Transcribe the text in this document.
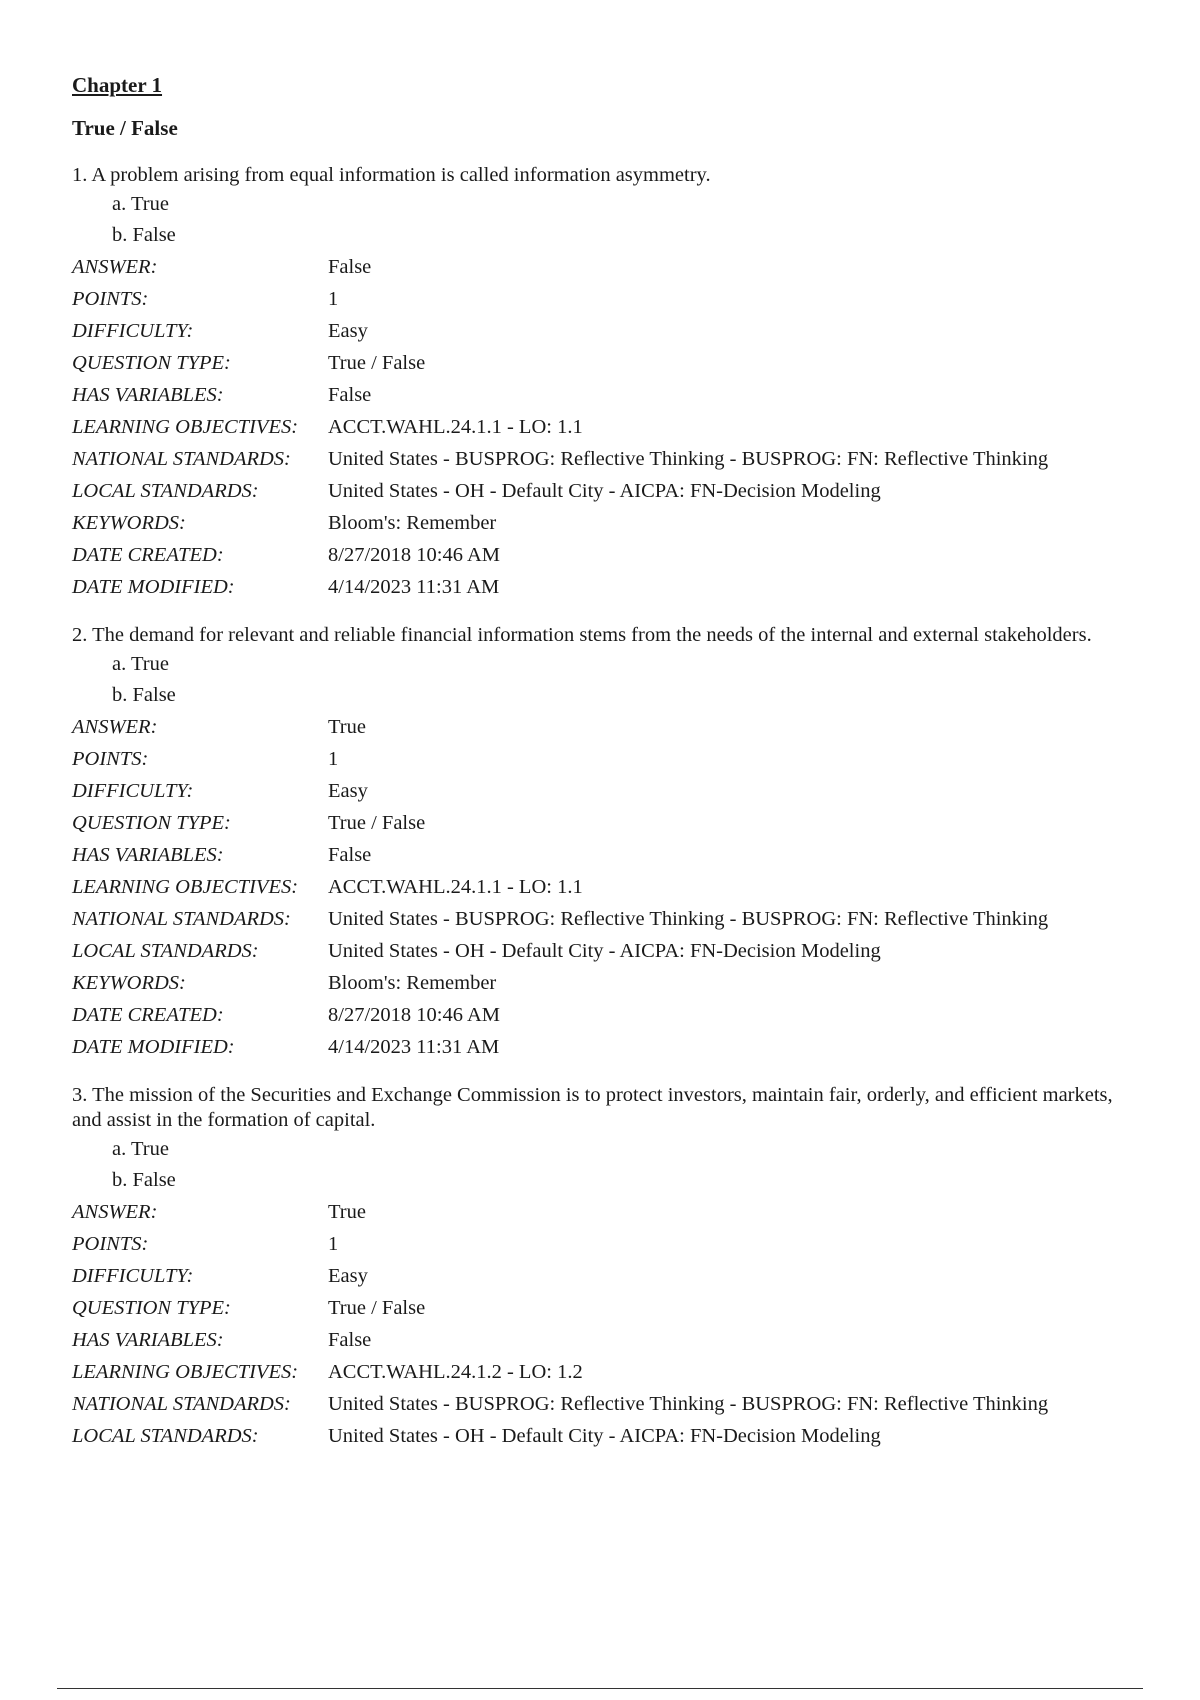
Chapter 1
True / False

1. A problem arising from equal information is called information asymmetry.

a. True
b. False
ANSWER:	False
POINTS:	1
DIFFICULTY:	Easy
QUESTION TYPE:	True / False
HAS VARIABLES:	False
LEARNING OBJECTIVES:	ACCT.WAHL.24.1.1 - LO: 1.1
NATIONAL STANDARDS:	United States - BUSPROG: Reflective Thinking - BUSPROG: FN: Reflective Thinking
LOCAL STANDARDS:	United States - OH - Default City - AICPA: FN-Decision Modeling
KEYWORDS:	Bloom's: Remember
DATE CREATED:	8/27/2018 10:46 AM
DATE MODIFIED:	4/14/2023 11:31 AM

2. The demand for relevant and reliable financial information stems from the needs of the internal and external stakeholders.

a. True
b. False
ANSWER:	True
POINTS:	1
DIFFICULTY:	Easy
QUESTION TYPE:	True / False
HAS VARIABLES:	False
LEARNING OBJECTIVES:	ACCT.WAHL.24.1.1 - LO: 1.1
NATIONAL STANDARDS:	United States - BUSPROG: Reflective Thinking - BUSPROG: FN: Reflective Thinking
LOCAL STANDARDS:	United States - OH - Default City - AICPA: FN-Decision Modeling
KEYWORDS:	Bloom's: Remember
DATE CREATED:	8/27/2018 10:46 AM
DATE MODIFIED:	4/14/2023 11:31 AM

3. The mission of the Securities and Exchange Commission is to protect investors, maintain fair, orderly, and efficient markets, and assist in the formation of capital.

a. True
b. False
ANSWER:	True
POINTS:	1
DIFFICULTY:	Easy
QUESTION TYPE:	True / False
HAS VARIABLES:	False
LEARNING OBJECTIVES:	ACCT.WAHL.24.1.2 - LO: 1.2
NATIONAL STANDARDS:	United States - BUSPROG: Reflective Thinking - BUSPROG: FN: Reflective Thinking
LOCAL STANDARDS:	United States - OH - Default City - AICPA: FN-Decision Modeling
